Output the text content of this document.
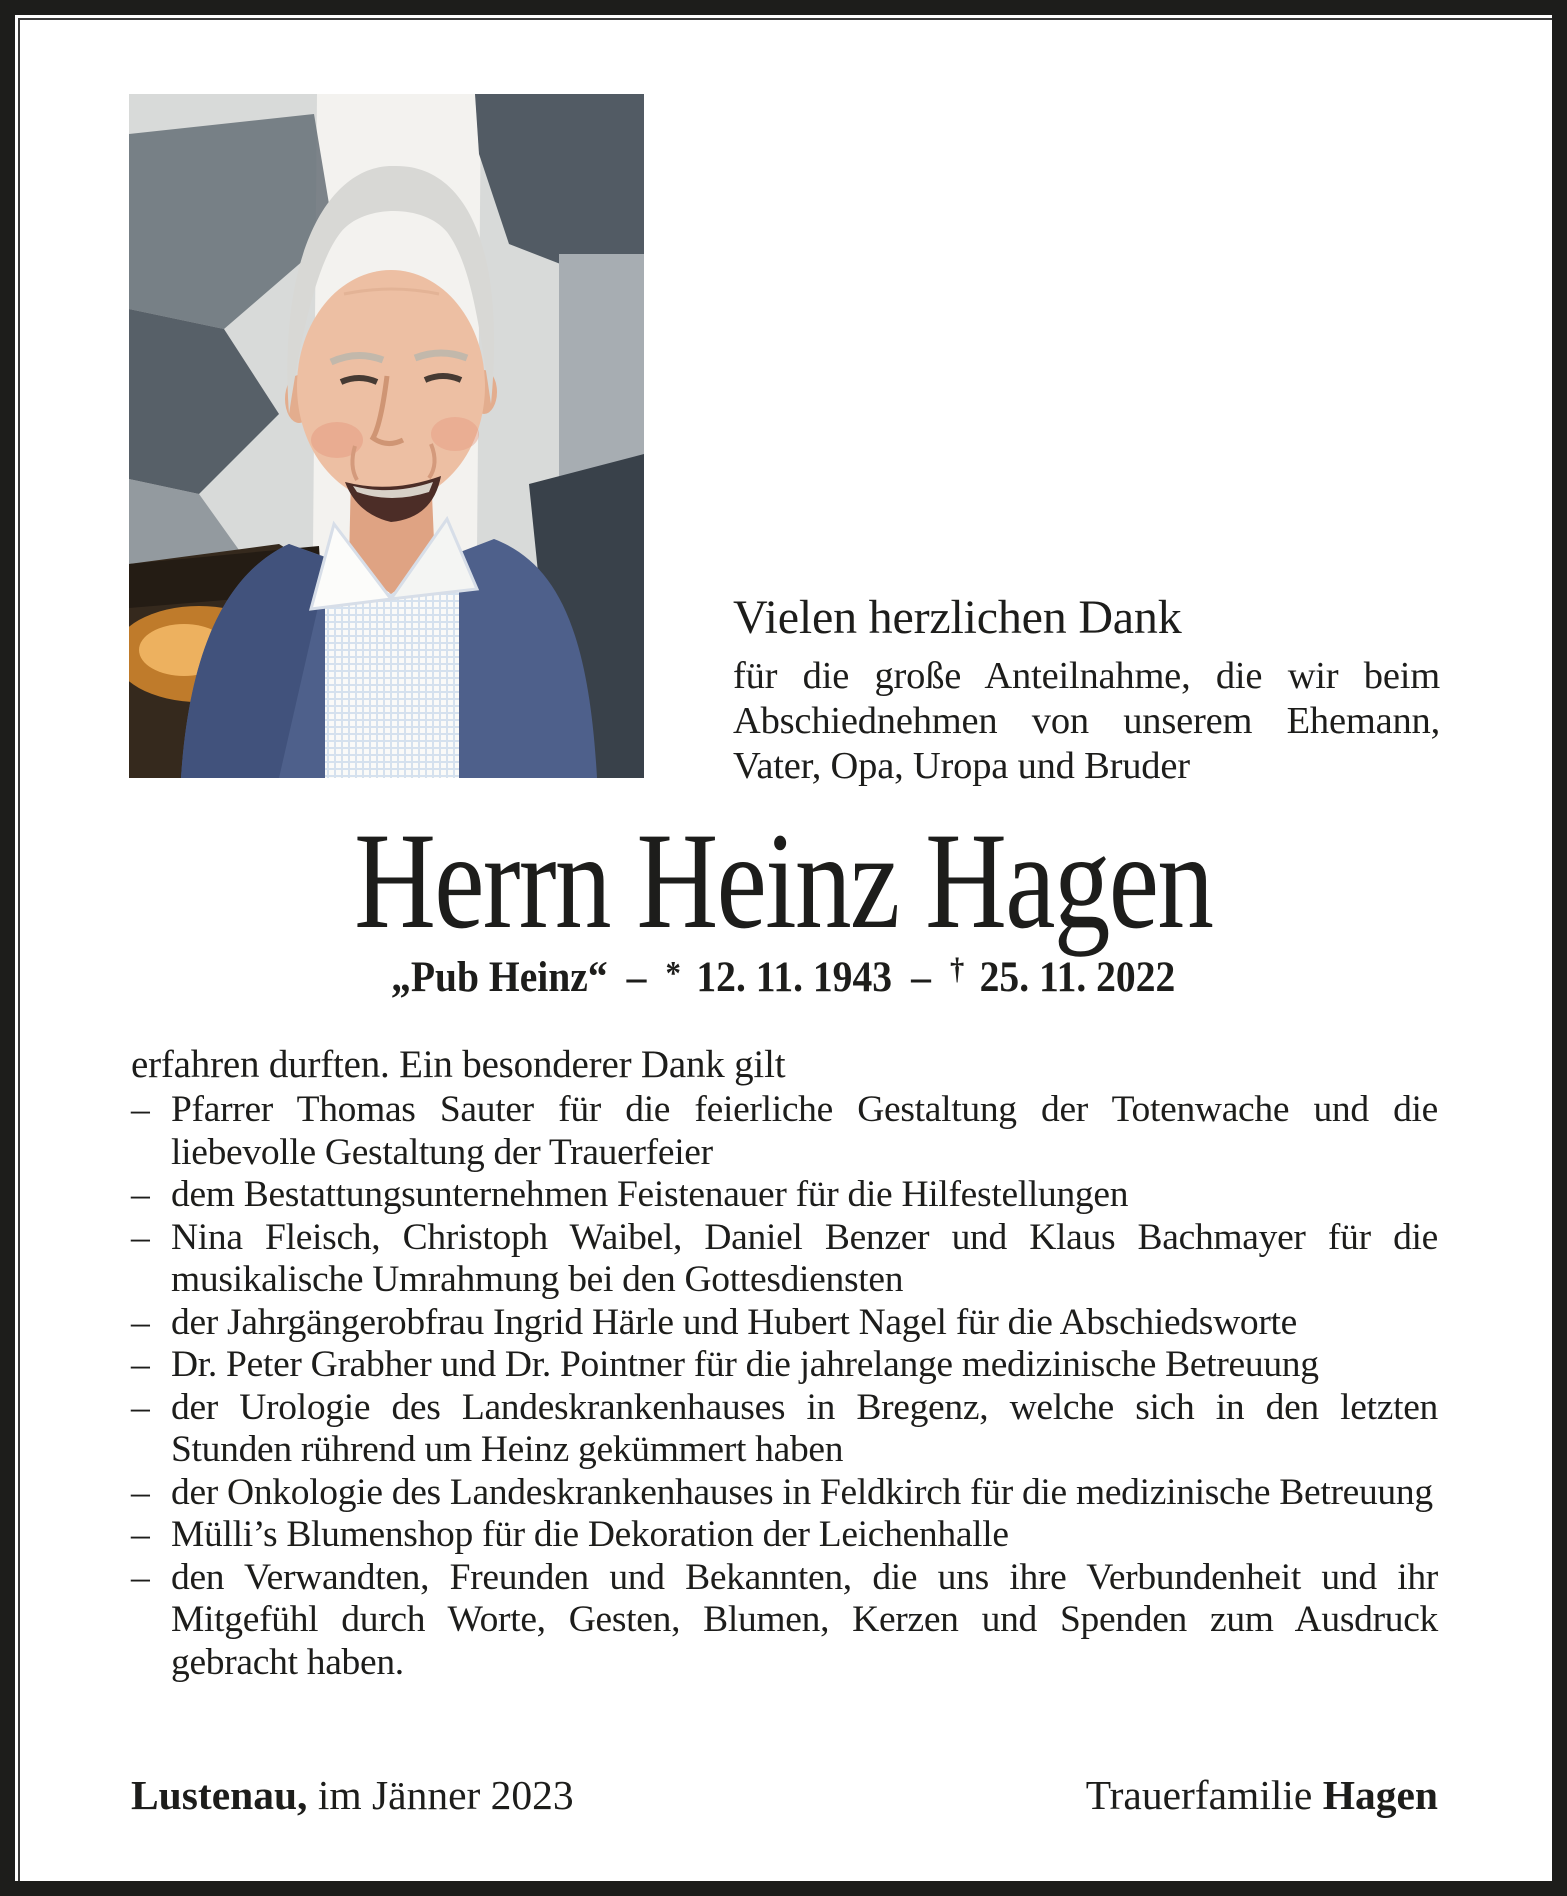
Vielen herzlichen Dank

für die große Anteilnahme, die wir beim Abschiednehmen von unserem Ehemann, Vater, Opa, Uropa und Bruder

Herrn Heinz Hagen
„Pub Heinz“ – * 12. 11. 1943 – † 25. 11. 2022

erfahren durften. Ein besonderer Dank gilt

– Pfarrer Thomas Sauter für die feierliche Gestaltung der Totenwache und die liebevolle Gestaltung der Trauerfeier
– dem Bestattungsunternehmen Feistenauer für die Hilfestellungen
– Nina Fleisch, Christoph Waibel, Daniel Benzer und Klaus Bachmayer für die musikalische Umrahmung bei den Gottesdiensten
– der Jahrgängerobfrau Ingrid Härle und Hubert Nagel für die Abschiedsworte
– Dr. Peter Grabher und Dr. Pointner für die jahrelange medizinische Betreuung
– der Urologie des Landeskrankenhauses in Bregenz, welche sich in den letzten Stunden rührend um Heinz gekümmert haben
– der Onkologie des Landeskrankenhauses in Feldkirch für die medizinische Betreuung
– Mülli’s Blumenshop für die Dekoration der Leichenhalle
– den Verwandten, Freunden und Bekannten, die uns ihre Verbundenheit und ihr Mitgefühl durch Worte, Gesten, Blumen, Kerzen und Spenden zum Ausdruck gebracht haben.
Lustenau, im Jänner 2023	Trauerfamilie Hagen
